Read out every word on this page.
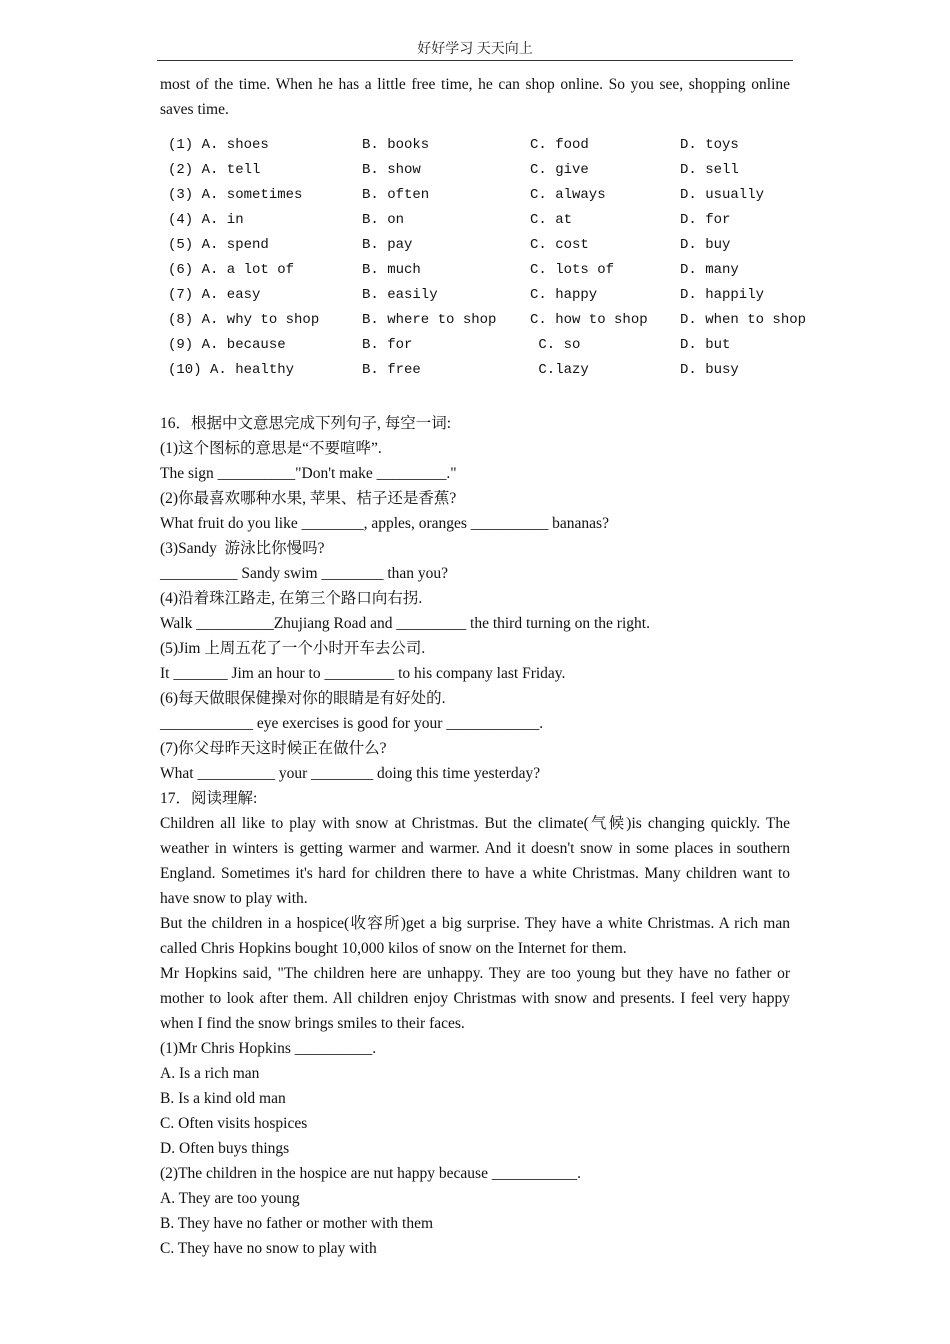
好好学习 天天向上

most of the time. When he has a little free time, he can shop online. So you see, shopping online saves time.

(1) A. shoes	B. books	C. food	D. toys
(2) A. tell	B. show	C. give	D. sell
(3) A. sometimes	B. often	C. always	D. usually
(4) A. in	B. on	C. at	D. for
(5) A. spend	B. pay	C. cost	D. buy
(6) A. a lot of	B. much	C. lots of	D. many
(7) A. easy	B. easily	C. happy	D. happily
(8) A. why to shop	B. where to shop C. how to shop D. when to shop
(9) A. because	B. for	C. so	D. but
(10) A. healthy	B. free	C.lazy	D. busy

16．根据中文意思完成下列句子, 每空一词:

(1)这个图标的意思是“不要喧哗”.

The sign __________"Don't make _________."

(2)你最喜欢哪种水果, 苹果、桔子还是香蕉?

What fruit do you like ________, apples, oranges __________ bananas?

(3)Sandy  游泳比你慢吗?

__________ Sandy swim ________ than you?

(4)沿着珠江路走, 在第三个路口向右拐.

Walk __________Zhujiang Road and _________ the third turning on the right.

(5)Jim 上周五花了一个小时开车去公司.

It _______ Jim an hour to _________ to his company last Friday.

(6)每天做眼保健操对你的眼睛是有好处的.

____________ eye exercises is good for your ____________.

(7)你父母昨天这时候正在做什么?

What __________ your ________ doing this time yesterday?

17．阅读理解:

Children all like to play with snow at Christmas. But the climate(气候)is changing quickly. The weather in winters is getting warmer and warmer. And it doesn't snow in some places in southern England. Sometimes it's hard for children there to have a white Christmas. Many children want to have snow to play with.

But the children in a hospice(收容所)get a big surprise. They have a white Christmas. A rich man called Chris Hopkins bought 10,000 kilos of snow on the Internet for them.

Mr Hopkins said, "The children here are unhappy. They are too young but they have no father or mother to look after them. All children enjoy Christmas with snow and presents. I feel very happy when I find the snow brings smiles to their faces.

(1)Mr Chris Hopkins __________.

A. Is a rich man

B. Is a kind old man

C. Often visits hospices

D. Often buys things

(2)The children in the hospice are nut happy because ___________.

A. They are too young

B. They have no father or mother with them

C. They have no snow to play with
